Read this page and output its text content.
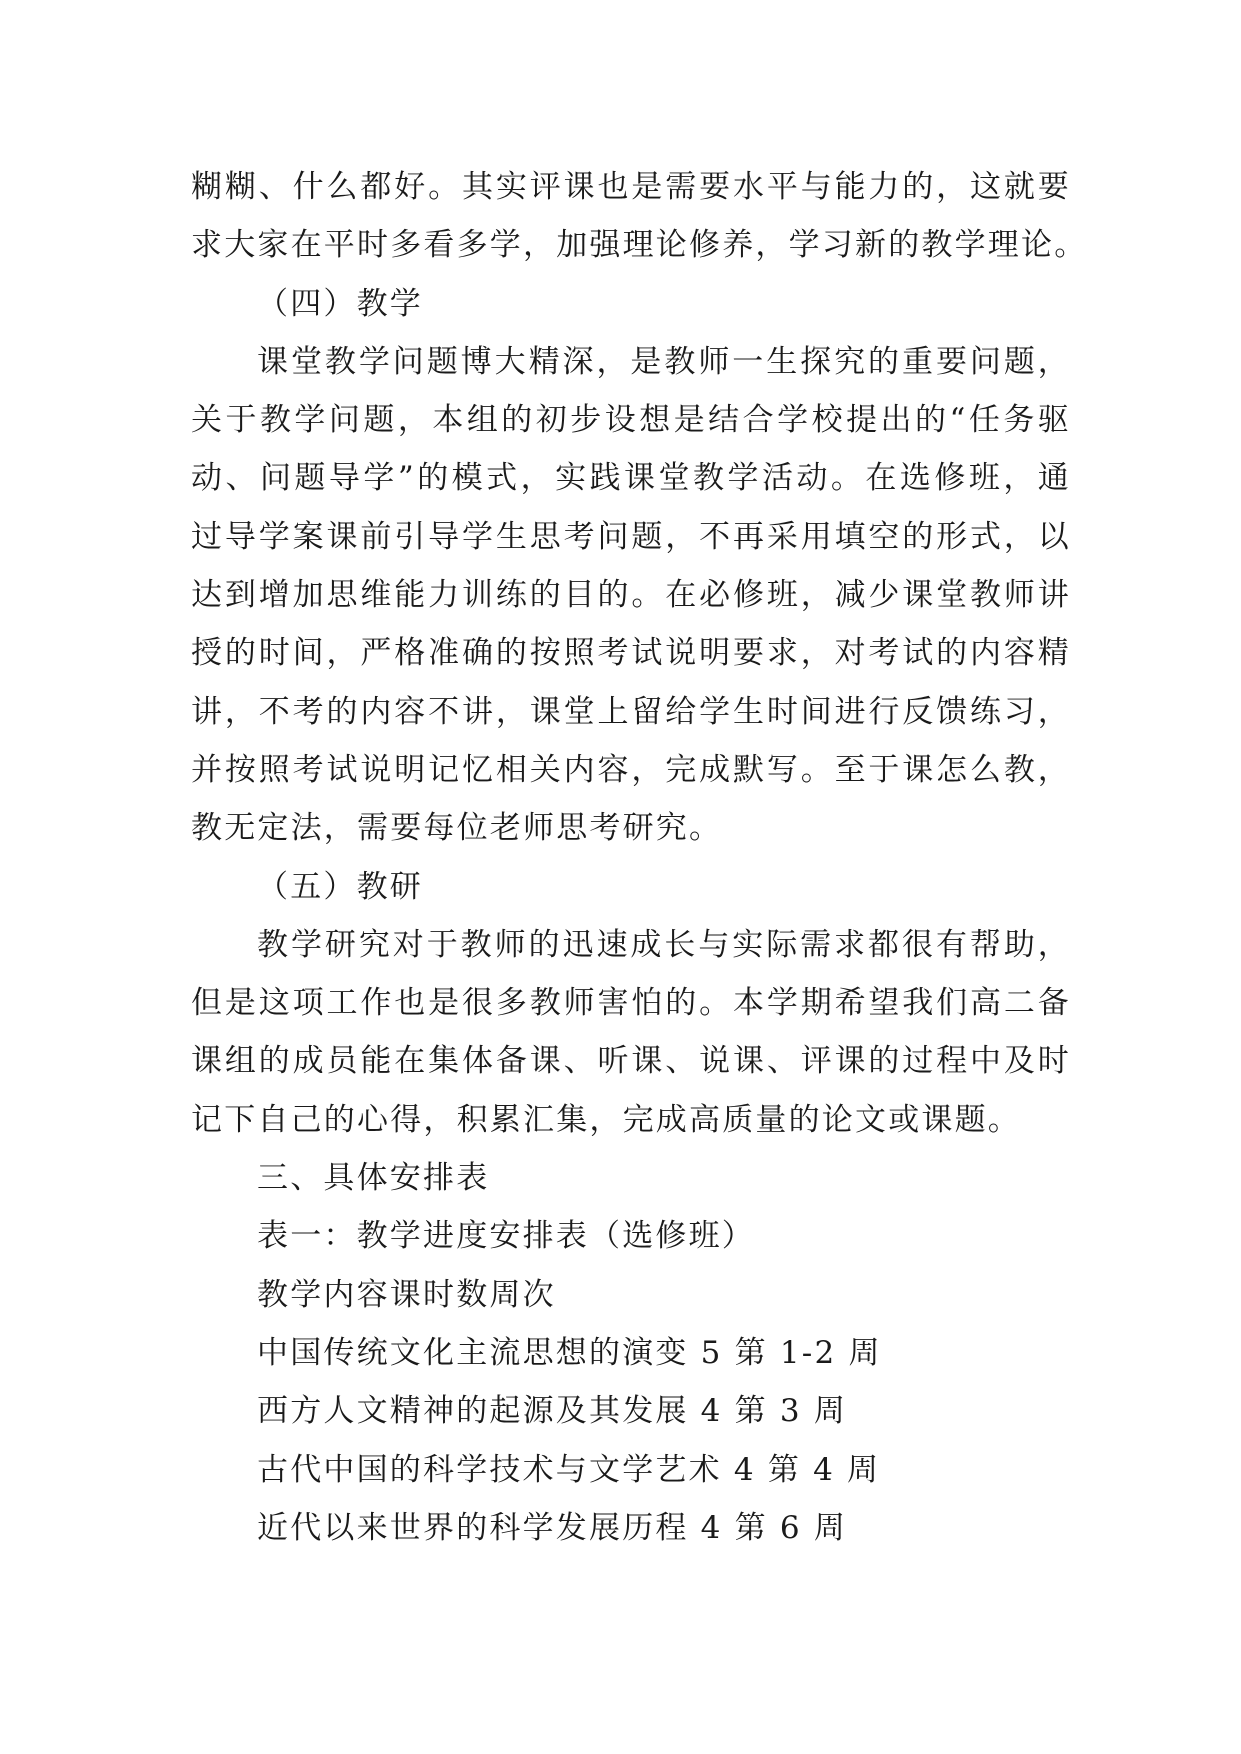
糊糊、什么都好。其实评课也是需要水平与能力的，这就要
求大家在平时多看多学，加强理论修养，学习新的教学理论。
（四）教学
课堂教学问题博大精深，是教师一生探究的重要问题，
关于教学问题，本组的初步设想是结合学校提出的“任务驱
动、问题导学”的模式，实践课堂教学活动。在选修班，通
过导学案课前引导学生思考问题，不再采用填空的形式，以
达到增加思维能力训练的目的。在必修班，减少课堂教师讲
授的时间，严格准确的按照考试说明要求，对考试的内容精
讲，不考的内容不讲，课堂上留给学生时间进行反馈练习，
并按照考试说明记忆相关内容，完成默写。至于课怎么教，
教无定法，需要每位老师思考研究。
（五）教研
教学研究对于教师的迅速成长与实际需求都很有帮助，
但是这项工作也是很多教师害怕的。本学期希望我们高二备
课组的成员能在集体备课、听课、说课、评课的过程中及时
记下自己的心得，积累汇集，完成高质量的论文或课题。
三、具体安排表
表一：教学进度安排表（选修班）
教学内容课时数周次
中国传统文化主流思想的演变 5 第 1-2 周
西方人文精神的起源及其发展 4 第 3 周
古代中国的科学技术与文学艺术 4 第 4 周
近代以来世界的科学发展历程 4 第 6 周
